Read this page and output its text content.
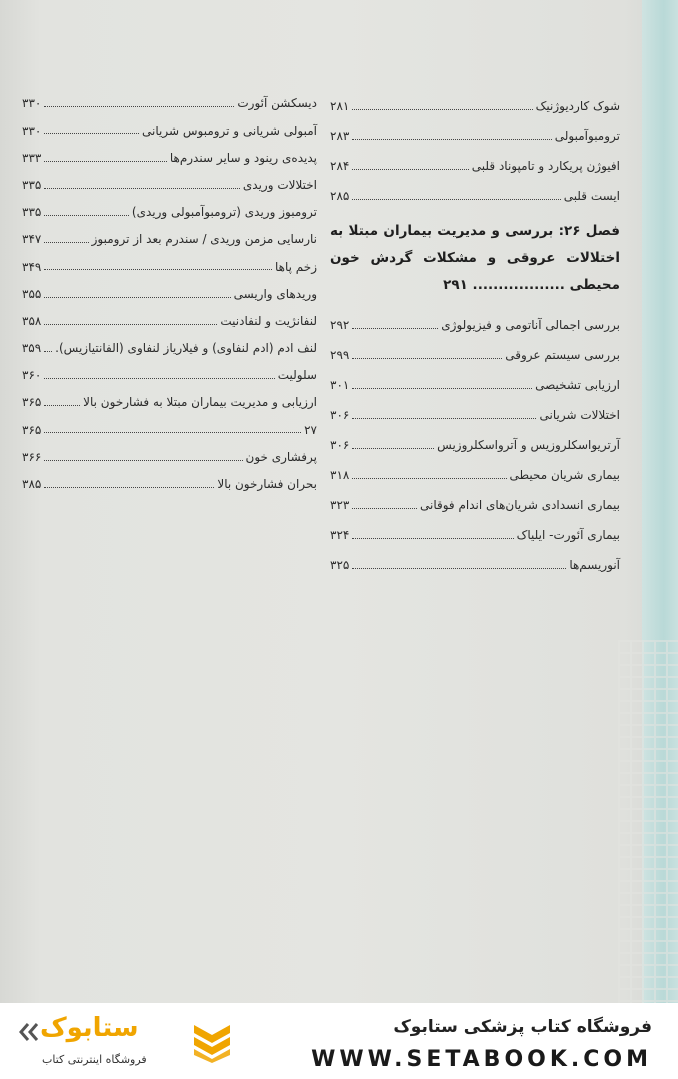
شوک کاردیوژنیک
۲۸۱
ترومبوآمبولی
۲۸۳
افیوژن پریکارد و تامپوناد قلبی
۲۸۴
ایست قلبی
۲۸۵
فصل ۲۶: بررسی و مدیریت بیماران مبتلا به اختلالات عروقی و مشکلات گردش خون محیطی .................. ۲۹۱
بررسی اجمالی آناتومی و فیزیولوژی
۲۹۲
بررسی سیستم عروقی
۲۹۹
ارزیابی تشخیصی
۳۰۱
اختلالات شریانی
۳۰۶
آرتریواسکلروزیس و آترواسکلروزیس
۳۰۶
بیماری شریان محیطی
۳۱۸
بیماری انسدادی شریان‌های اندام فوقانی
۳۲۳
بیماری آئورت- ایلیاک
۳۲۴
آنوریسم‌ها
۳۲۵
دیسکشن آئورت
۳۳۰
آمبولی شریانی و ترومبوس شریانی
۳۳۰
پدیده‌ی رینود و سایر سندرم‌ها
۳۳۳
اختلالات وریدی
۳۳۵
ترومبوز وریدی (ترومبوآمبولی وریدی)
۳۳۵
نارسایی مزمن وریدی / سندرم بعد از ترومبوز
۳۴۷
زخم پاها
۳۴۹
وریدهای واریسی
۳۵۵
لنفانژیت و لنفادنیت
۳۵۸
لنف ادم (ادم لنفاوی) و فیلاریاز لنفاوی (الفانتیازیس).
۳۵۹
سلولیت
۳۶۰
ارزیابی و مدیریت بیماران مبتلا به فشارخون بالا
۳۶۵
۲۷
۳۶۵
پرفشاری خون
۳۶۶
بحران فشارخون بالا
۳۸۵
فروشگاه کتاب پزشکی ستابوک
WWW.SETABOOK.COM
ستابوک
فروشگاه اینترنتی کتاب
